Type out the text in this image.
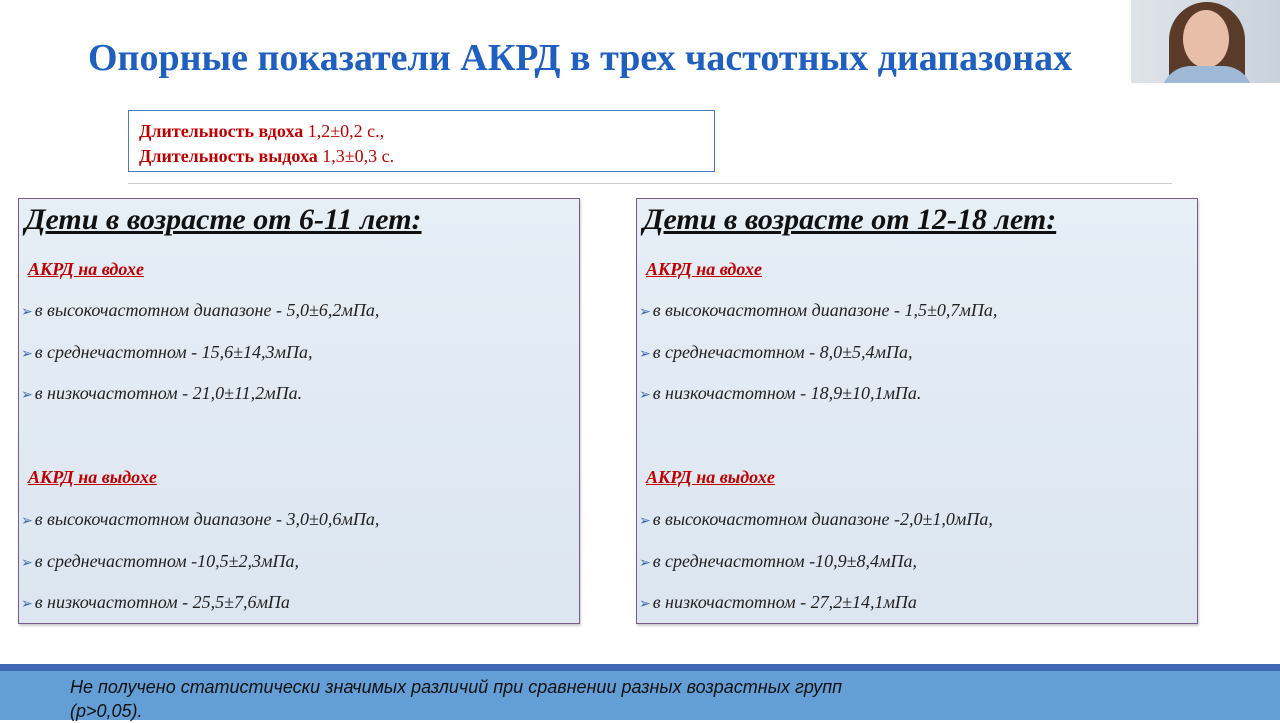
Опорные показатели АКРД в трех частотных диапазонах
Длительность вдоха 1,2±0,2 с.,
Длительность выдоха 1,3±0,3 с.
Дети в возрасте от 6-11 лет:
АКРД на вдохе
➢ в высокочастотном диапазоне - 5,0±6,2мПа,
➢ в среднечастотном - 15,6±14,3мПа,
➢ в низкочастотном - 21,0±11,2мПа.
АКРД на выдохе
➢ в высокочастотном диапазоне - 3,0±0,6мПа,
➢ в среднечастотном -10,5±2,3мПа,
➢ в низкочастотном - 25,5±7,6мПа
Дети в возрасте от 12-18 лет:
АКРД на вдохе
➢ в высокочастотном диапазоне - 1,5±0,7мПа,
➢ в среднечастотном - 8,0±5,4мПа,
➢ в низкочастотном - 18,9±10,1мПа.
АКРД на выдохе
➢ в высокочастотном диапазоне -2,0±1,0мПа,
➢ в среднечастотном -10,9±8,4мПа,
➢ в низкочастотном - 27,2±14,1мПа

Не получено статистически значимых различий при сравнении разных возрастных групп
(р>0,05).
